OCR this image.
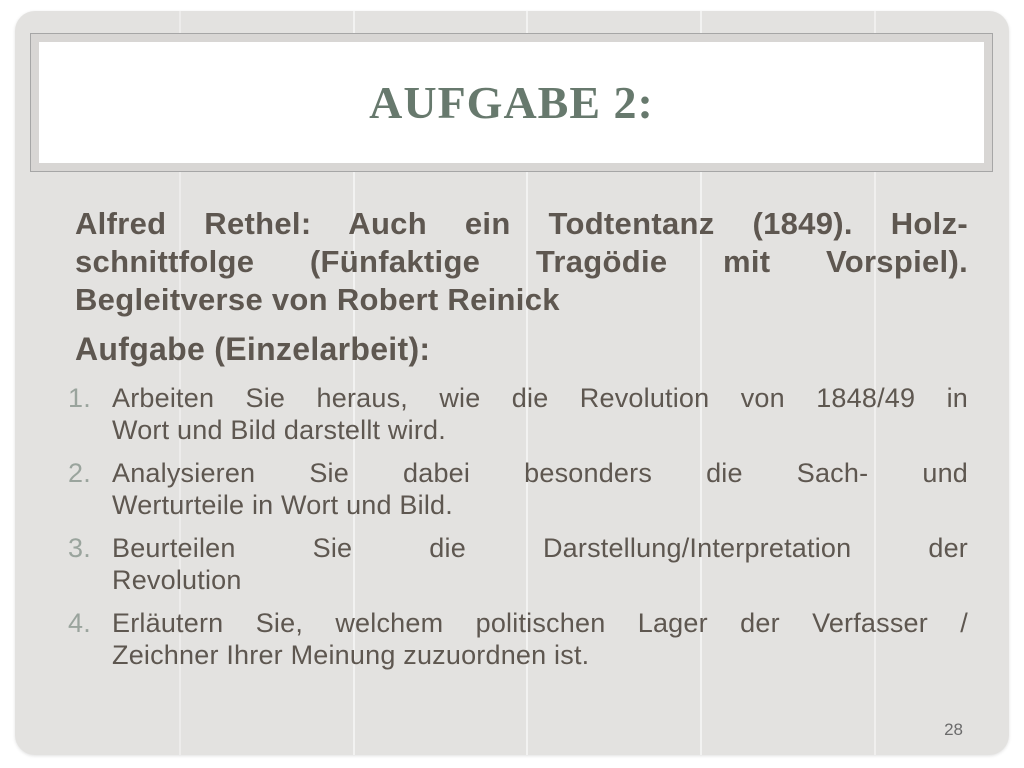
AUFGABE 2:
Alfred Rethel: Auch ein Todtentanz (1849). Holz-
schnittfolge (Fünfaktige Tragödie mit Vorspiel).
Begleitverse von Robert Reinick
Aufgabe (Einzelarbeit):
1. Arbeiten Sie heraus, wie die Revolution von 1848/49 in
Wort und Bild darstellt wird.
2. Analysieren Sie dabei besonders die Sach- und
Werturteile in Wort und Bild.
3. Beurteilen Sie die Darstellung/Interpretation der
Revolution
4. Erläutern Sie, welchem politischen Lager der Verfasser /
Zeichner Ihrer Meinung zuzuordnen ist.
28
